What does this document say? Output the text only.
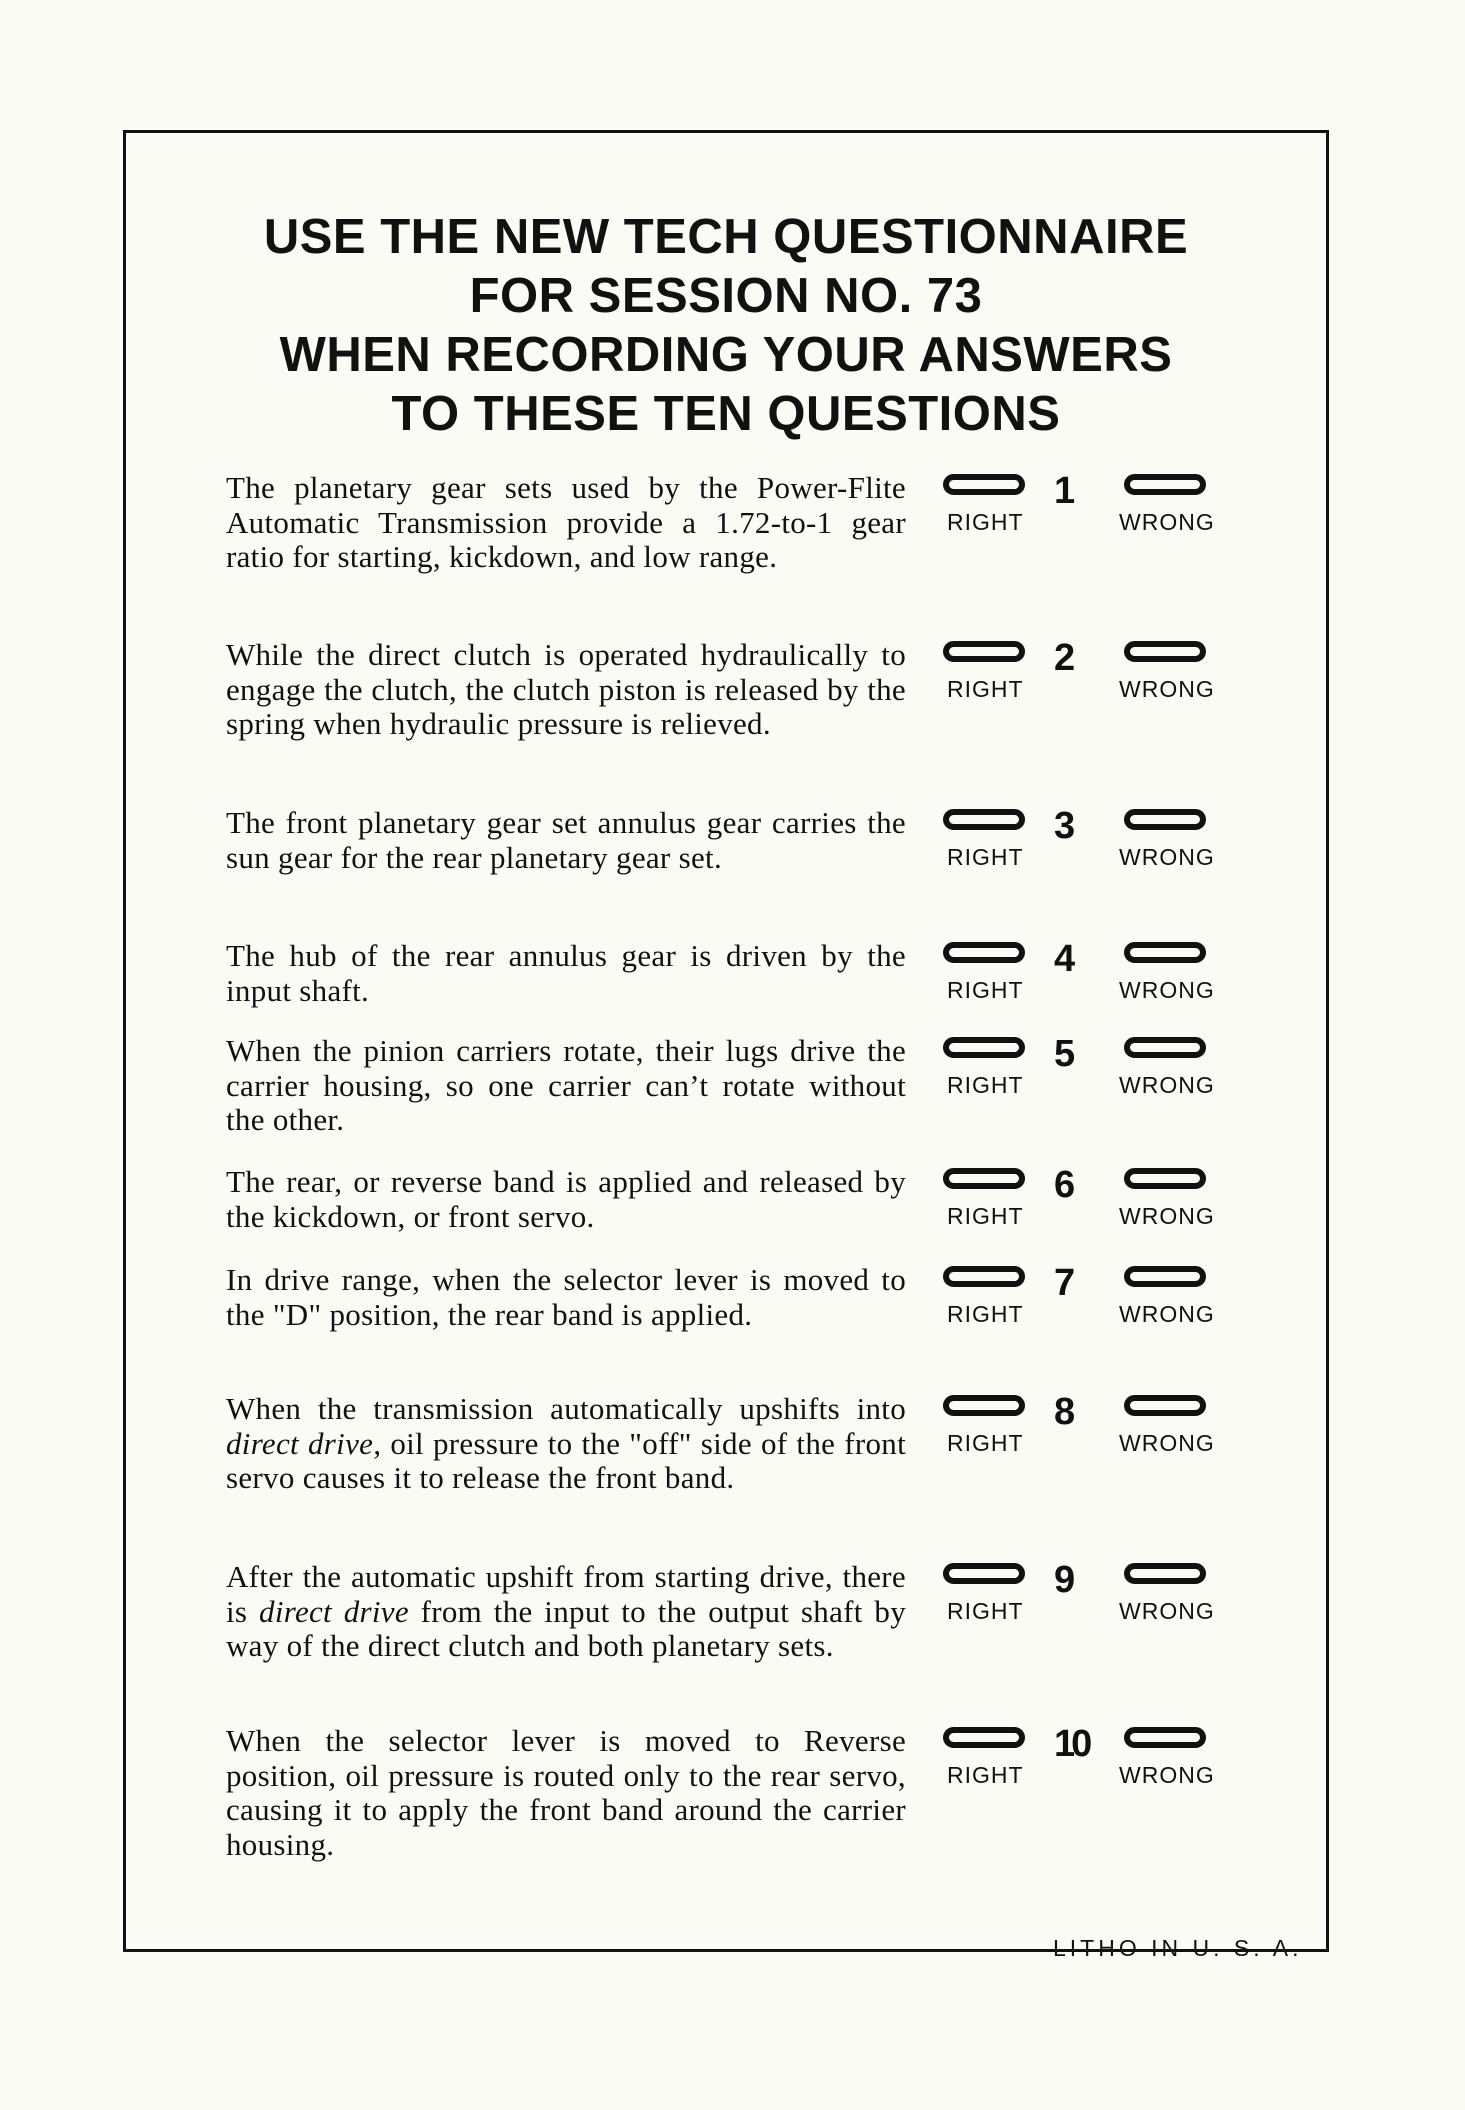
USE THE NEW TECH QUESTIONNAIRE
FOR SESSION NO. 73
WHEN RECORDING YOUR ANSWERS
TO THESE TEN QUESTIONS
The planetary gear sets used by the Power-Flite Automatic Transmission provide a 1.72-to-1 gear ratio for starting, kickdown, and low range.
1
RIGHT	WRONG
While the direct clutch is operated hydraulically to engage the clutch, the clutch piston is released by the spring when hydraulic pressure is relieved.
2
RIGHT	WRONG
The front planetary gear set annulus gear carries the sun gear for the rear planetary gear set.
3
RIGHT	WRONG
The hub of the rear annulus gear is driven by the input shaft.
4
RIGHT	WRONG
When the pinion carriers rotate, their lugs drive the carrier housing, so one carrier can’t rotate without the other.
5
RIGHT	WRONG
The rear, or reverse band is applied and released by the kickdown, or front servo.
6
RIGHT	WRONG
In drive range, when the selector lever is moved to the "D" position, the rear band is applied.
7
RIGHT	WRONG
When the transmission automatically upshifts into direct drive, oil pressure to the "off" side of the front servo causes it to release the front band.
8
RIGHT	WRONG
After the automatic upshift from starting drive, there is direct drive from the input to the output shaft by way of the direct clutch and both planetary sets.
9
RIGHT	WRONG
When the selector lever is moved to Reverse position, oil pressure is routed only to the rear servo, causing it to apply the front band around the carrier housing.
10
RIGHT	WRONG
LITHO IN U. S. A.
